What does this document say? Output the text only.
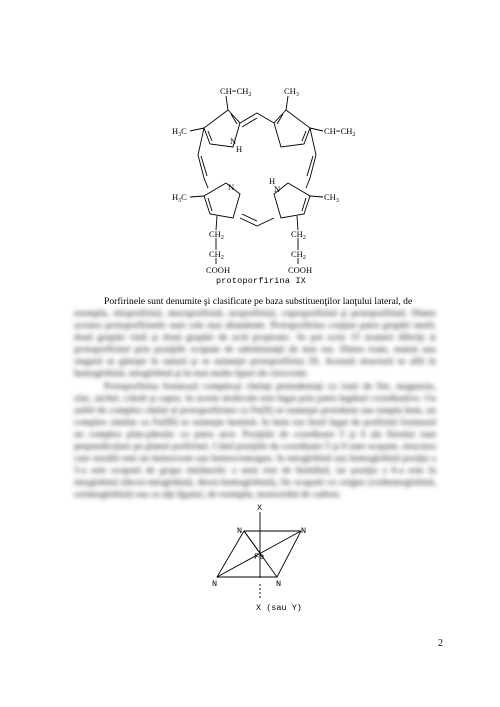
$CH=CH_2$	$CH_3$
$H_3C$	$CH=CH_2$
$H_3C$	$CH_3$
$CH_2$
$CH_2$
COOH
$CH_2$
$CH_2$
COOH
N
H
N
H
N
protoporfirina IX
Porfirinele sunt denumite şi clasificate pe baza substituenţilor lanţului lateral, de

exemplu, etioporfirină, mezoporfirină, uroporfirină, coproporfirină şi protoporfirină. Dintre acestea protoporfirinele sunt cele mai abundente. Protoporfirina conţine patru grupări metil, două grupări vinil şi două grupări de acid propionic. Se pot scrie 15 izomeri diferiţi ai protoporfirinei prin poziţiile ocupate de substituenţii de mai sus. Dintre toate, numai una singură se găseşte în natură şi se numeşte protoporfirina IX. Această structură se află în hemoglobină, mioglobină şi în mai multe tipuri de citocromi.

Protoporfirina formează complecşi chelaţi pentadentaţi cu ionii de fier, magneziu, zinc, nichel, cobalt şi cupru. In aceste molecule este legat prin patru legături coordinative. Un astfel de complex chelat al protoporfirinei cu Fe(II) se numeşte protohem sau simplu hem, un complex similar cu Fe(III) se numeşte hemină. In hem ion ferul legat de porfirină formează un complex plan-pătratic cu patru azot. Poziţiile de coordinare 5 şi 6 ale fierului sunt perpendiculare pe planul porfirinei. Când poziţiile de coordinare 5 şi 6 sunt ocupate, structura care rezultă este un hemocrom sau hemocromogen. In mioglobină sau hemoglobină poziţia a 5-a este ocupată de grupa imidazolic a unui rest de histidină, iar poziţia a 6-a este în mioglobină (deoxi-mioglobină, deoxi-hemoglobină), fie ocupată cu oxigen (oxihemoglobină, oximioglobină) sau cu alţi liganzi, de exemplu, monoxidul de carbon.

X
N	N
Fe
N	N
X (sau Y)
2
